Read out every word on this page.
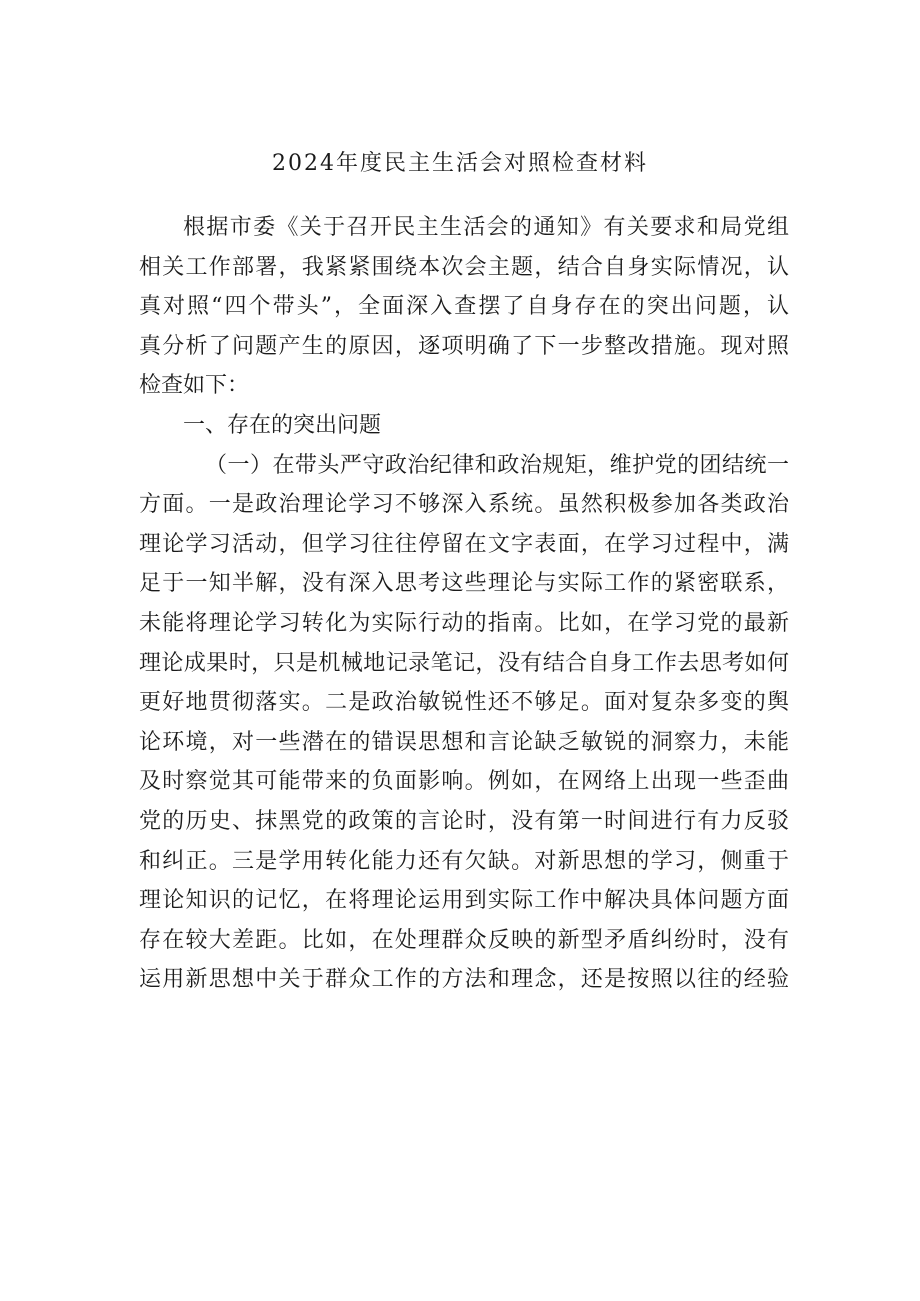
2024年度民主生活会对照检查材料
根据市委《关于召开民主生活会的通知》有关要求和局党组
相关工作部署，我紧紧围绕本次会主题，结合自身实际情况，认
真对照“四个带头”，全面深入查摆了自身存在的突出问题，认
真分析了问题产生的原因，逐项明确了下一步整改措施。现对照
检查如下：
一、存在的突出问题
（一）在带头严守政治纪律和政治规矩，维护党的团结统一
方面。一是政治理论学习不够深入系统。虽然积极参加各类政治
理论学习活动，但学习往往停留在文字表面，在学习过程中，满
足于一知半解，没有深入思考这些理论与实际工作的紧密联系，
未能将理论学习转化为实际行动的指南。比如，在学习党的最新
理论成果时，只是机械地记录笔记，没有结合自身工作去思考如何
更好地贯彻落实。二是政治敏锐性还不够足。面对复杂多变的舆
论环境，对一些潜在的错误思想和言论缺乏敏锐的洞察力，未能
及时察觉其可能带来的负面影响。例如，在网络上出现一些歪曲
党的历史、抹黑党的政策的言论时，没有第一时间进行有力反驳
和纠正。三是学用转化能力还有欠缺。对新思想的学习，侧重于
理论知识的记忆，在将理论运用到实际工作中解决具体问题方面
存在较大差距。比如，在处理群众反映的新型矛盾纠纷时，没有
运用新思想中关于群众工作的方法和理念，还是按照以往的经验
